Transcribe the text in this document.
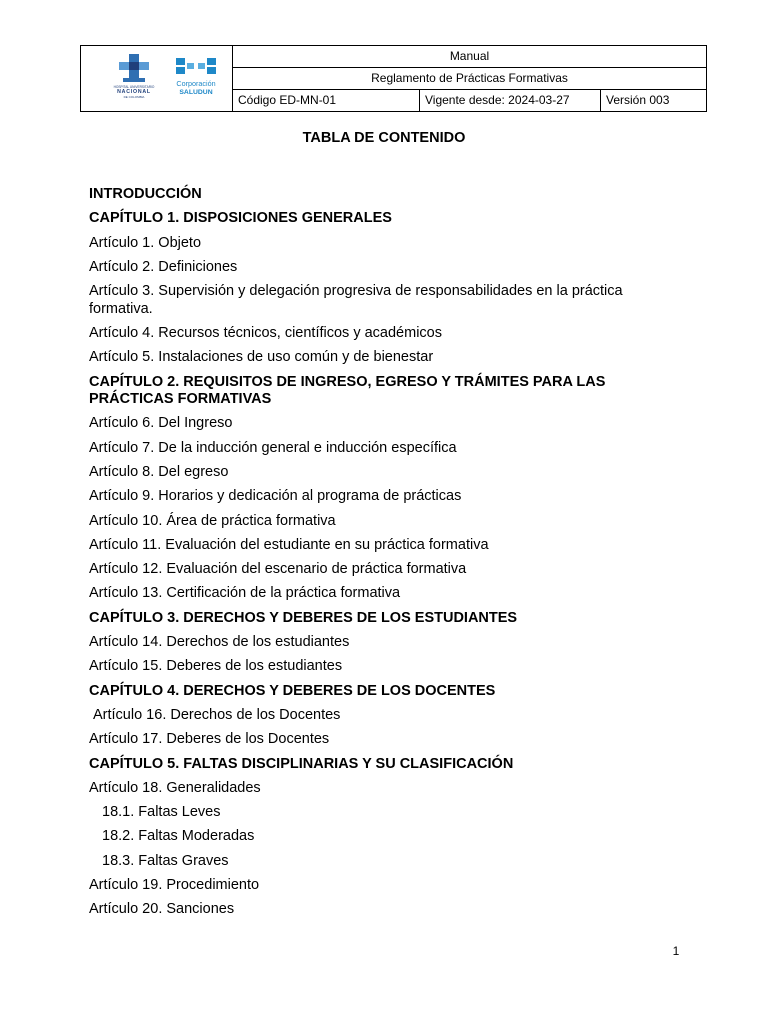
HOSPITAL UNIVERSITARIO
NACIONAL
DE COLOMBIA
Corporación
SALUDUN	Manual		
	Reglamento de Prácticas Formativas		
	Código ED-MN-01	Vigente desde: 2024-03-27	Versión 003
TABLA DE CONTENIDO
INTRODUCCIÓN
CAPÍTULO 1. DISPOSICIONES GENERALES
Artículo 1. Objeto
Artículo 2. Definiciones
Artículo 3. Supervisión y delegación progresiva de responsabilidades en la práctica formativa.
Artículo 4. Recursos técnicos, científicos y académicos
Artículo 5. Instalaciones de uso común y de bienestar
CAPÍTULO 2. REQUISITOS DE INGRESO, EGRESO Y TRÁMITES PARA LAS PRÁCTICAS FORMATIVAS
Artículo 6. Del Ingreso
Artículo 7. De la inducción general e inducción específica
Artículo 8. Del egreso
Artículo 9. Horarios y dedicación al programa de prácticas
Artículo 10. Área de práctica formativa
Artículo 11. Evaluación del estudiante en su práctica formativa
Artículo 12. Evaluación del escenario de práctica formativa
Artículo 13. Certificación de la práctica formativa
CAPÍTULO 3. DERECHOS Y DEBERES DE LOS ESTUDIANTES
Artículo 14. Derechos de los estudiantes
Artículo 15. Deberes de los estudiantes
CAPÍTULO 4. DERECHOS Y DEBERES DE LOS DOCENTES
Artículo 16. Derechos de los Docentes
Artículo 17. Deberes de los Docentes
CAPÍTULO 5. FALTAS DISCIPLINARIAS Y SU CLASIFICACIÓN
Artículo 18. Generalidades
18.1. Faltas Leves
18.2. Faltas Moderadas
18.3. Faltas Graves
Artículo 19. Procedimiento
Artículo 20. Sanciones
1
